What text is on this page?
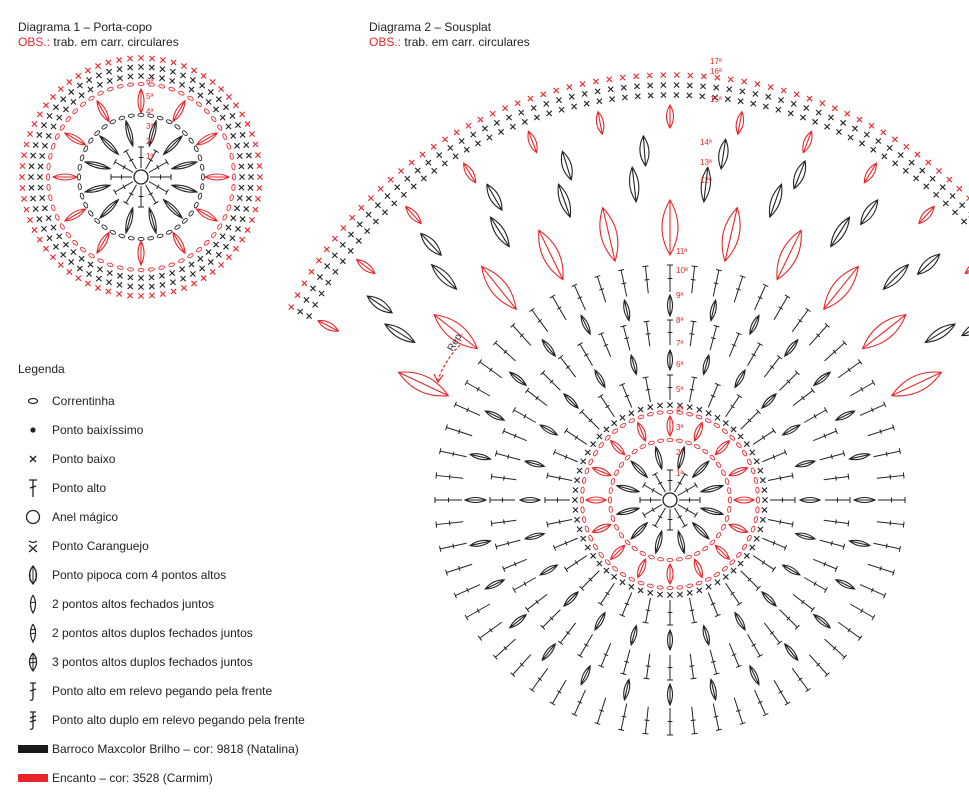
Diagrama 1 – Porta-copo
OBS.: trab. em carr. circulares
Diagrama 2 – Sousplat
OBS.: trab. em carr. circulares
1ª
2ª
3ª
4ª
5ª
6ª
1ª
2ª
3ª
4ª
5ª
6ª
7ª
8ª
9ª
10ª
11ª
12ª
13ª
14ª
15ª
16ª
17ª
Rep.
Legenda
Correntinha
Ponto baixíssimo
Ponto baixo
Ponto alto
Anel mágico
Ponto Caranguejo
Ponto pipoca com 4 pontos altos
2 pontos altos fechados juntos
2 pontos altos duplos fechados juntos
3 pontos altos duplos fechados juntos
Ponto alto em relevo pegando pela frente
Ponto alto duplo em relevo pegando pela frente
Barroco Maxcolor Brilho – cor: 9818 (Natalina)
Encanto – cor: 3528 (Carmim)
